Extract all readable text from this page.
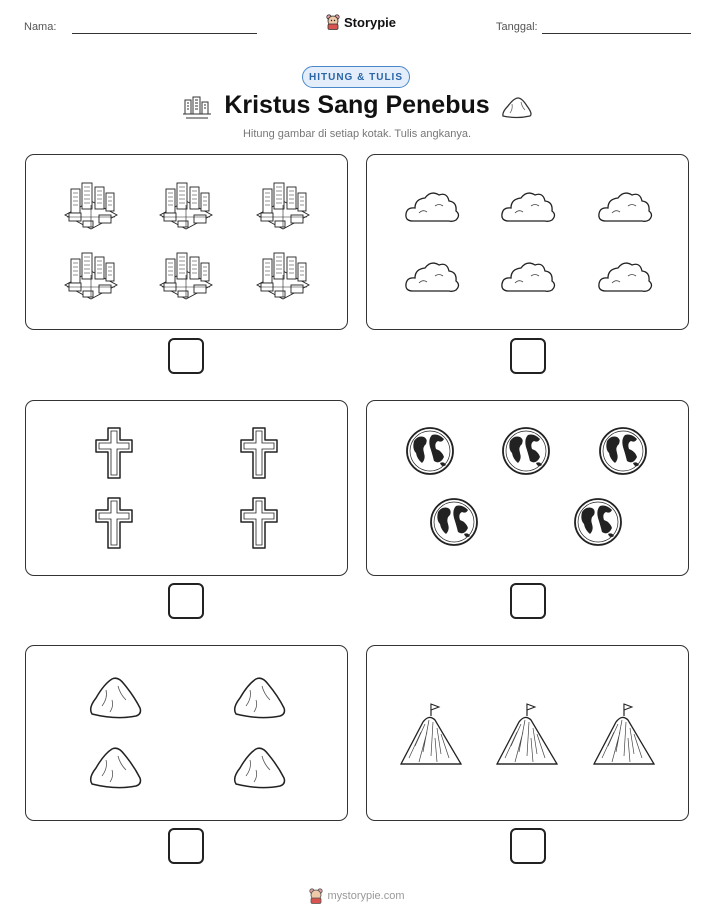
Nama:	Storypie	Tanggal:
HITUNG & TULIS
Kristus Sang Penebus
Hitung gambar di setiap kotak. Tulis angkanya.
mystorypie.com
